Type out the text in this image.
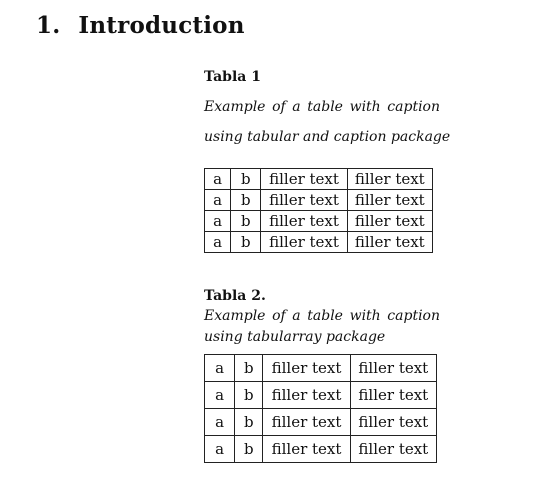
1. Introduction
Tabla 1
Example of a table with caption
using tabular and caption package
a	b	filler text	filler text
a	b	filler text	filler text
a	b	filler text	filler text
a	b	filler text	filler text
Tabla 2.
Example of a table with caption
using tabularray package
a	b	filler text	filler text
a	b	filler text	filler text
a	b	filler text	filler text
a	b	filler text	filler text
